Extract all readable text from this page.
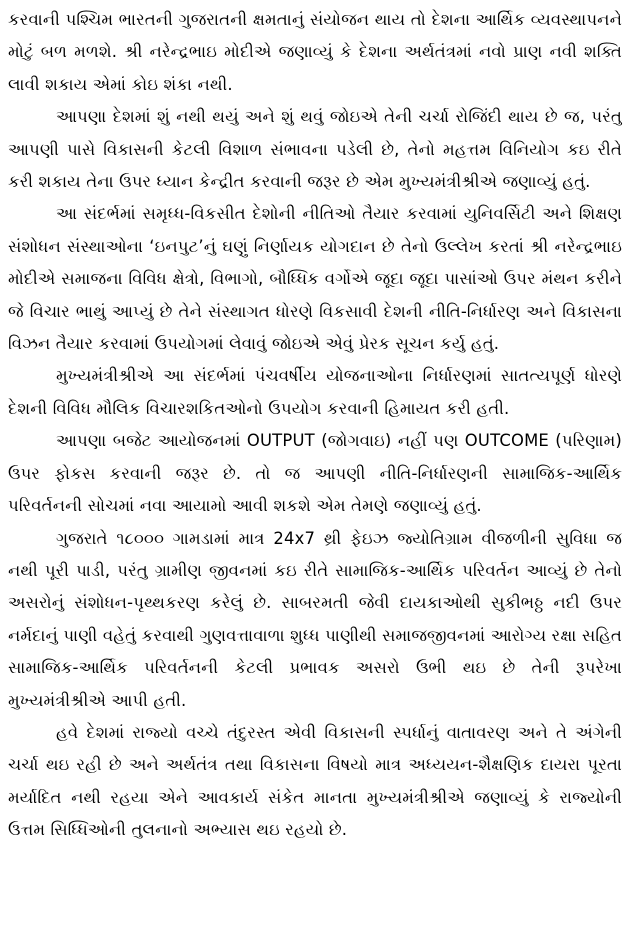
કરવાની પશ્ચિમ ભારતની ગુજરાતની ક્ષમતાનું સંયોજન થાય તો દેશના આર્થિક વ્યવસ્થાપનને મોટું બળ મળશે. શ્રી નરેન્દ્રભાઇ મોદીએ જણાવ્યું કે દેશના અર્થતંત્રમાં નવો પ્રાણ નવી શક્તિ લાવી શકાય એમાં કોઇ શંકા નથી.

આપણા દેશમાં શું નથી થયું અને શું થવું જોઇએ તેની ચર્ચા રોજિંદી થાય છે જ, પરંતુ આપણી પાસે વિકાસની કેટલી વિશાળ સંભાવના પડેલી છે, તેનો મહત્તમ વિનિયોગ કઇ રીતે કરી શકાય તેના ઉપર ધ્યાન કેન્દ્રીત કરવાની જરૂર છે એમ મુખ્યમંત્રીશ્રીએ જણાવ્યું હતું.

આ સંદર્ભમાં સમૃધ્ધ-વિકસીત દેશોની નીતિઓ તૈયાર કરવામાં યુનિવર્સિટી અને શિક્ષણ સંશોધન સંસ્થાઓના ‘ઇનપુટ’નું ઘણું નિર્ણાયક યોગદાન છે તેનો ઉલ્લેખ કરતાં શ્રી નરેન્દ્રભાઇ મોદીએ સમાજના વિવિધ ક્ષેત્રો, વિભાગો, બૌધ્ધિક વર્ગોએ જૂદા જૂદા પાસાંઓ ઉપર મંથન કરીને જે વિચાર ભાથું આપ્યું છે તેને સંસ્થાગત ધોરણે વિકસાવી દેશની નીતિ-નિર્ધારણ અને વિકાસના વિઝન તૈયાર કરવામાં ઉપયોગમાં લેવાવું જોઇએ એવું પ્રેરક સૂચન કર્યુ હતું.

મુખ્યમંત્રીશ્રીએ આ સંદર્ભમાં પંચવર્ષીય યોજનાઓના નિર્ધારણમાં સાતત્યપૂર્ણ ધોરણે દેશની વિવિધ મૌલિક વિચારશકિતઓનો ઉપયોગ કરવાની હિમાયત કરી હતી.

આપણા બજેટ આયોજનમાં OUTPUT (જોગવાઇ) નહીં પણ OUTCOME (પરિણામ) ઉપર ફોકસ કરવાની જરૂર છે. તો જ આપણી નીતિ-નિર્ધારણની સામાજિક-આર્થિક પરિવર્તનની સોચમાં નવા આયામો આવી શકશે એમ તેમણે જણાવ્યું હતું.

ગુજરાતે ૧૮૦૦૦ ગામડામાં માત્ર 24x7 થ્રી ફેઇઝ જ્યોતિગ્રામ વીજળીની સુવિધા જ નથી પૂરી પાડી, પરંતુ ગ્રામીણ જીવનમાં કઇ રીતે સામાજિક-આર્થિક પરિવર્તન આવ્યું છે તેનો અસરોનું સંશોધન-પૃથ્થકરણ કરેલું છે. સાબરમતી જેવી દાયકાઓથી સુકીભઠ્ઠ નદી ઉપર નર્મદાનું પાણી વહેતું કરવાથી ગુણવત્તાવાળા શુધ્ધ પાણીથી સમાજજીવનમાં આરોગ્ય રક્ષા સહિત સામાજિક-આર્થિક પરિવર્તનની કેટલી પ્રભાવક અસરો ઉભી થઇ છે તેની રૂપરેખા મુખ્યમંત્રીશ્રીએ આપી હતી.

હવે દેશમાં રાજ્યો વચ્ચે તંદુરસ્ત એવી વિકાસની સ્પર્ધાનું વાતાવરણ અને તે અંગેની ચર્ચા થઇ રહી છે અને અર્થતંત્ર તથા વિકાસના વિષયો માત્ર અધ્યયન-શૈક્ષણિક દાયરા પૂરતા મર્યાદિત નથી રહયા એને આવકાર્ય સંકેત માનતા મુખ્યમંત્રીશ્રીએ જણાવ્યું કે રાજ્યોની ઉત્તમ સિધ્ધિઓની તુલનાનો અભ્યાસ થઇ રહયો છે.
